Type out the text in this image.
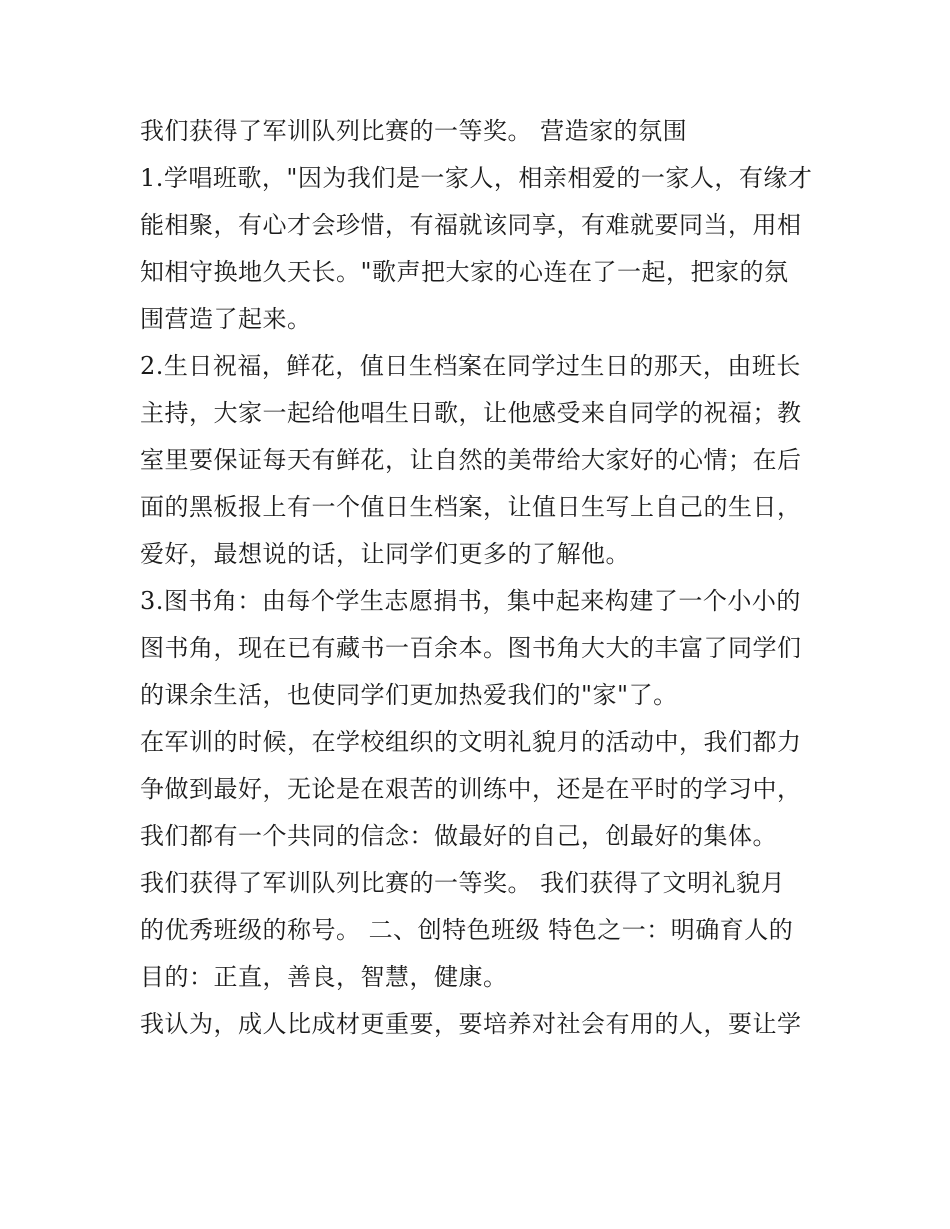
我们获得了军训队列比赛的一等奖。 营造家的氛围
1.学唱班歌，"因为我们是一家人，相亲相爱的一家人，有缘才
能相聚，有心才会珍惜，有福就该同享，有难就要同当，用相
知相守换地久天长。"歌声把大家的心连在了一起，把家的氛
围营造了起来。
2.生日祝福，鲜花，值日生档案在同学过生日的那天，由班长
主持，大家一起给他唱生日歌，让他感受来自同学的祝福；教
室里要保证每天有鲜花，让自然的美带给大家好的心情；在后
面的黑板报上有一个值日生档案，让值日生写上自己的生日，
爱好，最想说的话，让同学们更多的了解他。
3.图书角：由每个学生志愿捐书，集中起来构建了一个小小的
图书角，现在已有藏书一百余本。图书角大大的丰富了同学们
的课余生活，也使同学们更加热爱我们的"家"了。
在军训的时候，在学校组织的文明礼貌月的活动中，我们都力
争做到最好，无论是在艰苦的训练中，还是在平时的学习中，
我们都有一个共同的信念：做最好的自己，创最好的集体。
我们获得了军训队列比赛的一等奖。 我们获得了文明礼貌月
的优秀班级的称号。 二、创特色班级 特色之一：明确育人的
目的：正直，善良，智慧，健康。
我认为，成人比成材更重要，要培养对社会有用的人，要让学
